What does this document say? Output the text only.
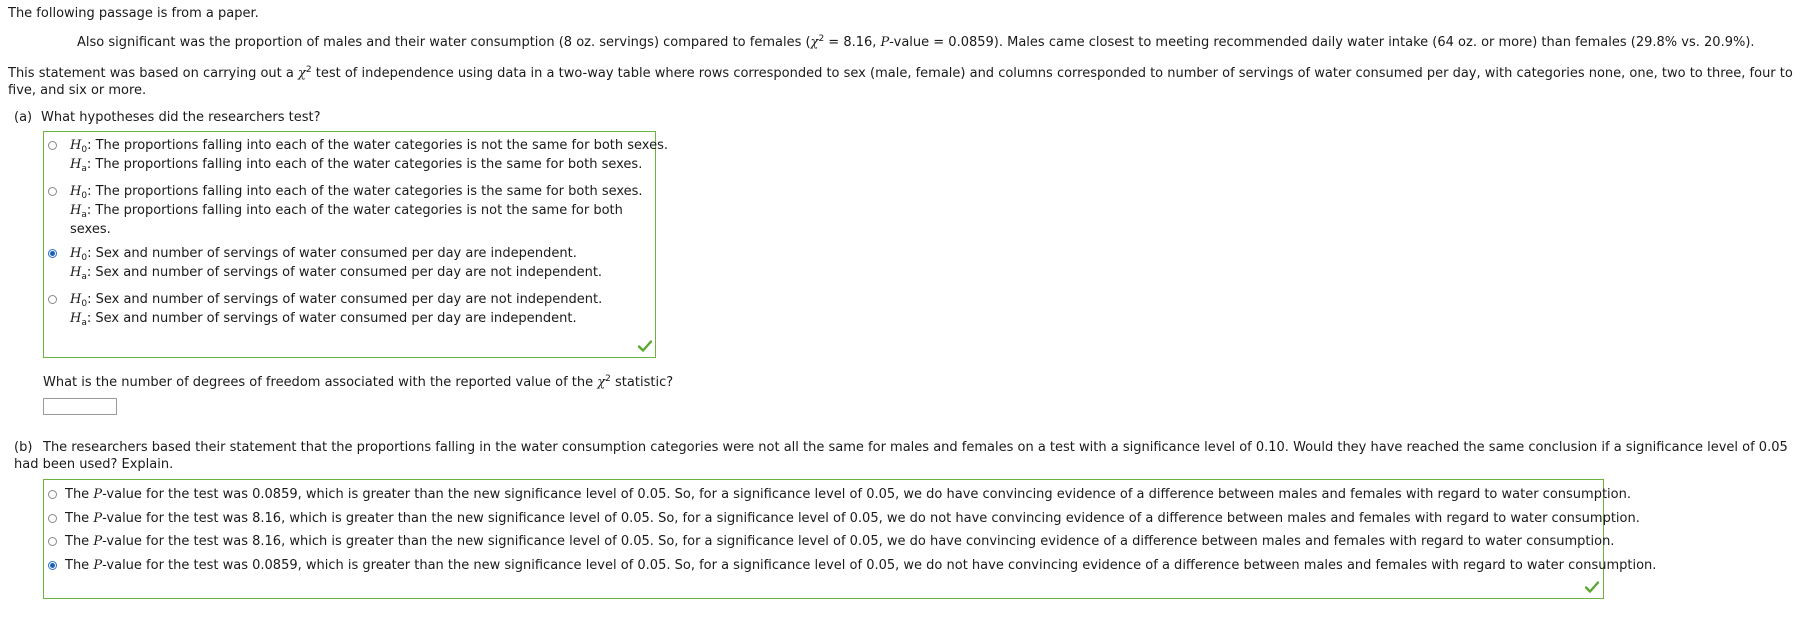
The following passage is from a paper.
Also significant was the proportion of males and their water consumption (8 oz. servings) compared to females ($\chi^2 = 8.16$, P-value = 0.0859). Males came closest to meeting recommended daily water intake (64 oz. or more) than females (29.8% vs. 20.9%).
This statement was based on carrying out a $\chi^2$ test of independence using data in a two-way table where rows corresponded to sex (male, female) and columns corresponded to number of servings of water consumed per day, with categories none, one, two to three, four to five, and six or more.
(a) What hypotheses did the researchers test?
$H_0$: The proportions falling into each of the water categories is not the same for both sexes.
$H_a$: The proportions falling into each of the water categories is the same for both sexes.
$H_0$: The proportions falling into each of the water categories is the same for both sexes.
$H_a$: The proportions falling into each of the water categories is not the same for both
sexes.
$H_0$: Sex and number of servings of water consumed per day are independent.
$H_a$: Sex and number of servings of water consumed per day are not independent.
$H_0$: Sex and number of servings of water consumed per day are not independent.
$H_a$: Sex and number of servings of water consumed per day are independent.
What is the number of degrees of freedom associated with the reported value of the $\chi^2$ statistic?
(b) The researchers based their statement that the proportions falling in the water consumption categories were not all the same for males and females on a test with a significance level of 0.10. Would they have reached the same conclusion if a significance level of 0.05 had been used? Explain.
The P-value for the test was 0.0859, which is greater than the new significance level of 0.05. So, for a significance level of 0.05, we do have convincing evidence of a difference between males and females with regard to water consumption.
The P-value for the test was 8.16, which is greater than the new significance level of 0.05. So, for a significance level of 0.05, we do not have convincing evidence of a difference between males and females with regard to water consumption.
The P-value for the test was 8.16, which is greater than the new significance level of 0.05. So, for a significance level of 0.05, we do have convincing evidence of a difference between males and females with regard to water consumption.
The P-value for the test was 0.0859, which is greater than the new significance level of 0.05. So, for a significance level of 0.05, we do not have convincing evidence of a difference between males and females with regard to water consumption.
